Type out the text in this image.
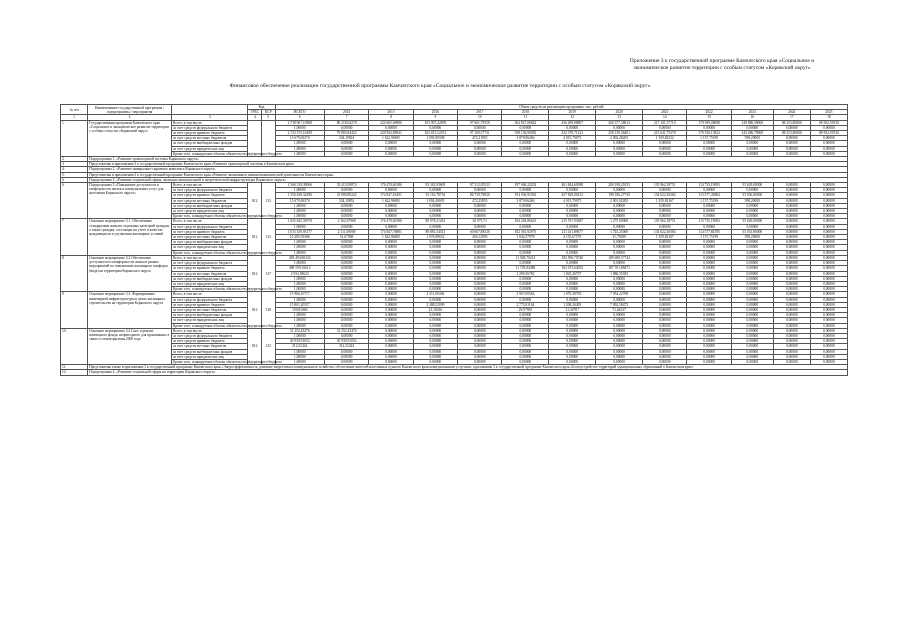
Приложение 3 к государственной программе Камчатского края «Социальное и экономическое развитие территории с особым статусом «Корякский округ»
Финансовое обеспечение реализации государственной программы Камчатского края «Социальное и экономическое развитие территории с особым статусом «Корякский округ»
№ п/п	Наименование государственной программы / подпрограммы / мероприятия		Код		Объем средств на реализацию программы, тыс. рублей												
			ГРБС	ЦСР	ВСЕГО	2014	2015	2016	2017	2018	2019	2020	2021	2022	2023	2024	2025
1	2	3	4	5	6	7	8	9	10	11	12	13	14	15	16	17	18
1.	Государственная программа Камчатского края «Социальное и экономическое развитие территории с особым статусом «Корякский округ»	Всего, в том числе:			2 738 067,10988	80 218,04278	224 665,60986	103 907,42859	97 661,79558	362 827,06842	436 409,88807	260 377,38613	217 101,57710	179 399,08698	149 886,59000	88 253,80000	88 582,91930
		за счет средств федерального бюджета			1,00000	0,00000	0,00000	0,00000	0,00000	0,00000	0,00000	0,00000	0,00000	0,00000	0,00000	0,00000	0,00000
		за счет средств краевого бюджета			2 723 375,16299	79 883,84452	220 942,88941	102 813,52351	97 169,57751	358 136,90382	432 378,71221	258 139,36401	215 641,75378	176 530,13822	143 286,79000	88 253,80000	88 582,91930
		за счет средств местных бюджетов			15 679,06370	334,19824	1 622,96695	1 093,90508	472,21855	3 879,96266	4 015,79075	2 002,28203	1 359,82332	1 157,75199	598,20000	0,00000	0,00000
		за счет средств внебюджетных фондов			1,00000	0,00000	0,00000	0,00000	0,00000	0,00000	0,00000	0,00000	0,00000	0,00000	0,00000	0,00000	0,00000
		за счет средств юридических лиц			1,00000	0,00000	0,00000	0,00000	0,00000	0,00000	0,00000	0,00000	0,00000	0,00000	0,00000	0,00000	0,00000
		Кроме того, планируемые объемы обязательств федерального бюджета			1,00000	0,00000	0,00000	0,00000	0,00000	0,00000	0,00000	0,00000	0,00000	0,00000	0,00000	0,00000	0,00000
2.	Подпрограмма 1. «Развитие транспортной системы Корякского округа»																
3.	Представлены в приложении 3 к государственной программе Камчатского края «Развитие транспортной системы в Камчатском крае»																
4.	Подпрограмма 2. «Развитие минерально-сырьевого комплекса Корякского округа»																
5.	Представлены в приложении 3 к государственной программе Камчатского края «Развитие экономики и внешнеэкономической деятельности Камчатского края»																
6.	Подпрограмма 3. «Развитие социальной сферы, жилищно-коммунальной и энергетической инфраструктуры Корякского округа»																
6.	Подпрограмма 3 «Повышение доступности и комфортности жилья и коммунальных услуг для населения Корякского округа»	Всего, в том числе:	812	133	1 566 318,39066	33 415,09074	176 470,60186	93 381,93609	87 212,05533	197 946,22292	461 844,60388	200 198,20135	135 962,18751	114 735,19083	55 629,00000	0,00000	0,00000
		за счет средств федерального бюджета			1,00000	0,00000	0,00000	0,00000	0,00000	0,00000	0,00000	0,00000	0,00000	0,00000	0,00000	0,00000	0,00000
		за счет средств краевого бюджета			1 550 638,32496	33 080,89222	174 847,63491	91 116,78754	86 739,78830	194 036,91092	457 828,80413	198 186,27730	134 622,36584	113 577,43884	55 036,80000	0,00000	0,00000
		за счет средств местных бюджетов			15 679,06370	334,19852	1 622,96695	1 094,40695	472,25855	3 879,96266	4 015,79075	2 001,92205	1 359,82167	1 157,75199	598,20000	0,00000	0,00000
		за счет средств внебюджетных фондов			1,00000	0,00000	0,00000	0,00000	0,00000	0,00000	0,00000	0,00000	0,00000	0,00000	0,00000	0,00000	0,00000
		за счет средств юридических лиц			1,00000	0,00000	0,00000	0,00000	0,00000	0,00000	0,00000	0,00000	0,00000	0,00000	0,00000	0,00000	0,00000
		Кроме того, планируемые объемы обязательств федерального бюджета			1,00000	0,00000	0,00000	0,00000	0,00000	0,00000	0,00000	0,00000	0,00000	0,00000	0,00000	0,00000	0,00000
7.	Основное мероприятие 3.1. Обеспечение стандартным жильем отдельных категорий граждан, а также граждан, состоящих на учете в качестве нуждающихся в улучшении жилищных условий	Всего, в том числе:	812	133	1 025 625,35978	2 162,67968	176 470,60186	89 078,21261	62 975,71	184 204,86623	215 767,93687	1 275 00000	135 962,18751	115 735,19083	55 629,00000	0,00000	0,00000
		за счет средств федерального бюджета			1,00000	0,00000	0,00000	0,00000	0,00000	0,00000	0,00000	0,00000	0,00000	0,00000	0,00000	0,00000	0,00000
		за счет средств краевого бюджета			1 015 339,95177	2 111,09000	174 847,76881	88 881,54541	60 667,88526	182 361,92975	211 411,89677	1 743,25000	134 622,36584	114 577,84785	55 031,80000	0,00000	0,00000
		за счет средств местных бюджетов			10 285,59386	51,67968	1 622,96695	1 076,98652	456,12093	1 842,37978	4 155,67579	31,75000	1 359,82167	1 157,75199	598,20000	0,00000	0,00000
		за счет средств внебюджетных фондов			1,00000	0,00000	0,00000	0,00000	0,00000	0,00000	0,00000	0,00000	0,00000	0,00000	0,00000	0,00000	0,00000
		за счет средств юридических лиц			1,00000	0,00000	0,00000	0,00000	0,00000	0,00000	0,00000	0,00000	0,00000	0,00000	0,00000	0,00000	0,00000
		Кроме того, планируемые объемы обязательств федерального бюджета			1,00000	0,00000	0,00000	0,00000	0,00000	0,00000	0,00000	0,00000	0,00000	0,00000	0,00000	0,00000	0,00000
8.	Основное мероприятие 3.2 Обеспечение доступности и комфортности жилья в рамках мероприятий по повышению жилищного комфорта (вида) на территории Корякского округа	Всего, в том числе:	812	137	493 494,80234	0,00000	0,00000	0,00000	0,00000	11 928,70214	182 596,70740	189 698,57744	0,00000	0,00000	0,00000	0,00000	0,00000
		за счет средств федерального бюджета			1,00000	0,00000	0,00000	0,00000	0,00000	0,00000	0,00000	0,00000	0,00000	0,00000	0,00000	0,00000	0,00000
		за счет средств краевого бюджета			488 559,16612	0,00000	0,00000	0,00000	0,00000	11 729,84388	182 073,64033	187 761,88471	0,00000	0,00000	0,00000	0,00000	0,00000
		за счет средств местных бюджетов			4 934,58623	0,00000	0,00000	0,00000	0,00000	1 299,36782	1 823,26707	1 886,55033	0,00000	0,00000	0,00000	0,00000	0,00000
		за счет средств внебюджетных фондов			1,00000	0,00000	0,00000	0,00000	0,00000	0,00000	0,00000	0,00000	0,00000	0,00000	0,00000	0,00000	0,00000
		за счет средств юридических лиц			1,00000	0,00000	0,00000	0,00000	0,00000	0,00000	0,00000	0,00000	0,00000	0,00000	0,00000	0,00000	0,00000
		Кроме того, планируемые объемы обязательств федерального бюджета			1,00000	0,00000	0,00000	0,00000	0,00000	0,00000	0,00000	0,00000	0,00000	0,00000	0,00000	0,00000	0,00000
9.	Основное мероприятие 3.3. Формирование инженерной инфраструктуры в целях жилищного строительства на территории Корякского округа	Всего, в том числе:	812	138	15 960,10717	0,00000	0,00000	2 311,60436	0,00000	2 967,00564	1 070,38705	7 054,22708	0,00000	0,00000	0,00000	0,00000	0,00000
		за счет средств федерального бюджета			1,00000	0,00000	0,00000	0,00000	0,00000	0,00000	0,00000	0,00000	0,00000	0,00000	0,00000	0,00000	0,00000
		за счет средств краевого бюджета			15 801,20357	0,00000	0,00000	2 288,52000	0,00000	2 775,81164	1 038,30493	7 092,58473	0,00000	0,00000	0,00000	0,00000	0,00000
		за счет средств местных бюджетов			159,81066	0,00000	0,00000	23,18436	0,00000	29,97950	31,30707	71,64237	0,00000	0,00000	0,00000	0,00000	0,00000
		за счет средств внебюджетных фондов			1,00000	0,00000	0,00000	0,00000	0,00000	0,00000	0,00000	0,00000	0,00000	0,00000	0,00000	0,00000	0,00000
		за счет средств юридических лиц			1,00000	0,00000	0,00000	0,00000	0,00000	0,00000	0,00000	0,00000	0,00000	0,00000	0,00000	0,00000	0,00000
		Кроме того, планируемые объемы обязательств федерального бюджета			1,00000	0,00000	0,00000	0,00000	0,00000	0,00000	0,00000	0,00000	0,00000	0,00000	0,00000	0,00000	0,00000
10.	Основное мероприятие 3.4 Снос и ремонт жилищного фонда, непригодного для проживания, в связи со землетрясения 2006 года	Всего, в том числе:	812	133	31 252,43476	31 252,43476	0,00000	0,00000	0,00000	0,00000	0,00000	0,00000	0,00000	0,00000	0,00000	0,00000	0,00000
		за счет средств федерального бюджета			1,00000	0,00000	0,00000	0,00000	0,00000	0,00000	0,00000	0,00000	0,00000	0,00000	0,00000	0,00000	0,00000
		за счет средств краевого бюджета			30 939,91052	30 939,91052	0,00000	0,00000	0,00000	0,00000	0,00000	0,00000	0,00000	0,00000	0,00000	0,00000	0,00000
		за счет средств местных бюджетов			312,52424	312,52424	0,00000	0,00000	0,00000	0,00000	0,00000	0,00000	0,00000	0,00000	0,00000	0,00000	0,00000
		за счет средств внебюджетных фондов			1,00000	0,00000	0,00000	0,00000	0,00000	0,00000	0,00000	0,00000	0,00000	0,00000	0,00000	0,00000	0,00000
		за счет средств юридических лиц			1,00000	0,00000	0,00000	0,00000	0,00000	0,00000	0,00000	0,00000	0,00000	0,00000	0,00000	0,00000	0,00000
		Кроме того, планируемые объемы обязательств федерального бюджета			1,00000	0,00000	0,00000	0,00000	0,00000	0,00000	0,00000	0,00000	0,00000	0,00000	0,00000	0,00000	0,00000
11.	Представлены также в приложении 3 к государственной программе Камчатского края «Энергоэффективность, развитие энергетики и коммунального хозяйства, обеспечение жителей населенных пунктов Камчатского края коммунальными услугами», приложении 3 к государственной программе Камчатского края «Благоустройство территорий муниципальных образований в Камчатском крае»																
12.	Подпрограмма 4. «Развитие социальной сферы на территории Корякского округа»																
